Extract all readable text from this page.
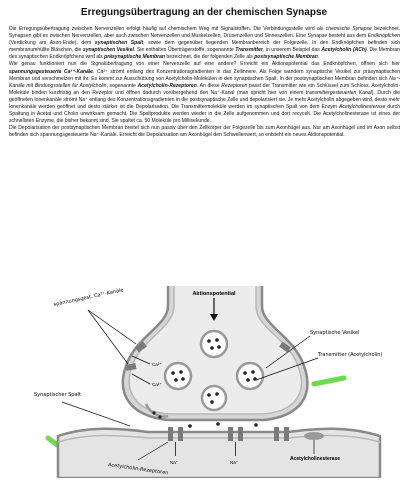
Erregungsübertragung an der chemischen Synapse

Die Erregungsübertragung zwischen Nervenzellen erfolgt häufig auf chemischem Weg mit Signalstoffen. Die Verbindungsstelle wird als chemische Synapse bezeichnet. Synapsen gibt es zwischen Nervenzellen, aber auch zwischen Nervenzellen und Muskelzellen, Drüsenzellen und Sinneszellen. Eine Synapse besteht aus dem Endknöpfchen (Verdickung am Axon-Ende), dem synaptischen Spalt, sowie dem gegenüber liegenden Membranbereich der Folgezelle. In den Endknöpfchen befinden sich membranumhüllte Bläschen, die synaptischen Vesikel. Sie enthalten Überträgerstoffe, sogenannte Transmitter, in unserem Beispiel das Acetylcholin (ACh). Die Membran des synaptischen Endknöpfchens wird als präsynaptische Membran bezeichnet, die der folgenden Zelle als postsynaptische Membran.

Wie genau funktioniert nun die Signalübertragung von einer Nervenzelle auf eine andere? Erreicht ein Aktionspotential das Endknöpfchen, öffnen sich hier spannungsgesteuerte Ca²⁺-Kanäle. Ca²⁺ strömt entlang des Konzentrationsgradienten in das Zellinnere. Als Folge wandern synaptische Vesikel zur präsynaptischen Membran und verschmelzen mit ihr. Es kommt zur Ausschüttung von Acetylcholin-Molekülen in den synaptischen Spalt. In der postsynaptischen Membran befinden sich Na⁺-Kanäle mit Bindungsstellen für Acetylcholin, sogenannte Acetylcholin-Rezeptoren. An diese Rezeptoren passt der Transmitter wie ein Schlüssel zum Schloss. Acetylcholin-Moleküle binden kurzfristig an den Rezeptor und öffnen dadurch vorübergehend den Na⁺-Kanal (man spricht hier von einem transmittergesteuerten Kanal). Durch die geöffneten Ionenkanäle strömt Na⁺ entlang des Konzentrationsgradienten in die postsynaptische Zelle und depolarisiert sie. Je mehr Acetylcholin abgegeben wird, desto mehr Ionenkanäle werden geöffnet und desto stärker ist die Depolarisation. Die Transmittermoleküle werden im synaptischen Spalt von dem Enzym Acetylcholinesterase durch Spaltung in Acetat und Cholin unwirksam gemacht. Die Spaltprodukte werden wieder in die Zelle aufgenommen und dort recycelt. Die Acetylcholinesterase ist eines der schnellsten Enzyme, die bisher bekannt sind. Sie spaltet ca. 50 Moleküle pro Millisekunde.

Die Depolarisation der postsynaptischen Membran breitet sich nun passiv über den Zellkörper der Folgezelle bis zum Axonhügel aus. Nur am Axonhügel und im Axon selbst befinden sich spannungsgesteuerte Na⁺-Kanäle. Erreicht die Depolarisation am Axonhügel den Schwellenwert, so entsteht ein neues Aktionspotential.

Aktionspotential
Ca²⁺
Ca²⁺
spannungsgest. Ca²⁺-Kanäle
Synaptische Vesikel
Transmitter (Acetylcholin)
Synaptischer Spalt
Na⁺	Na⁺
Acetylcholinesterase
Acetylcholin-Rezeptoren
